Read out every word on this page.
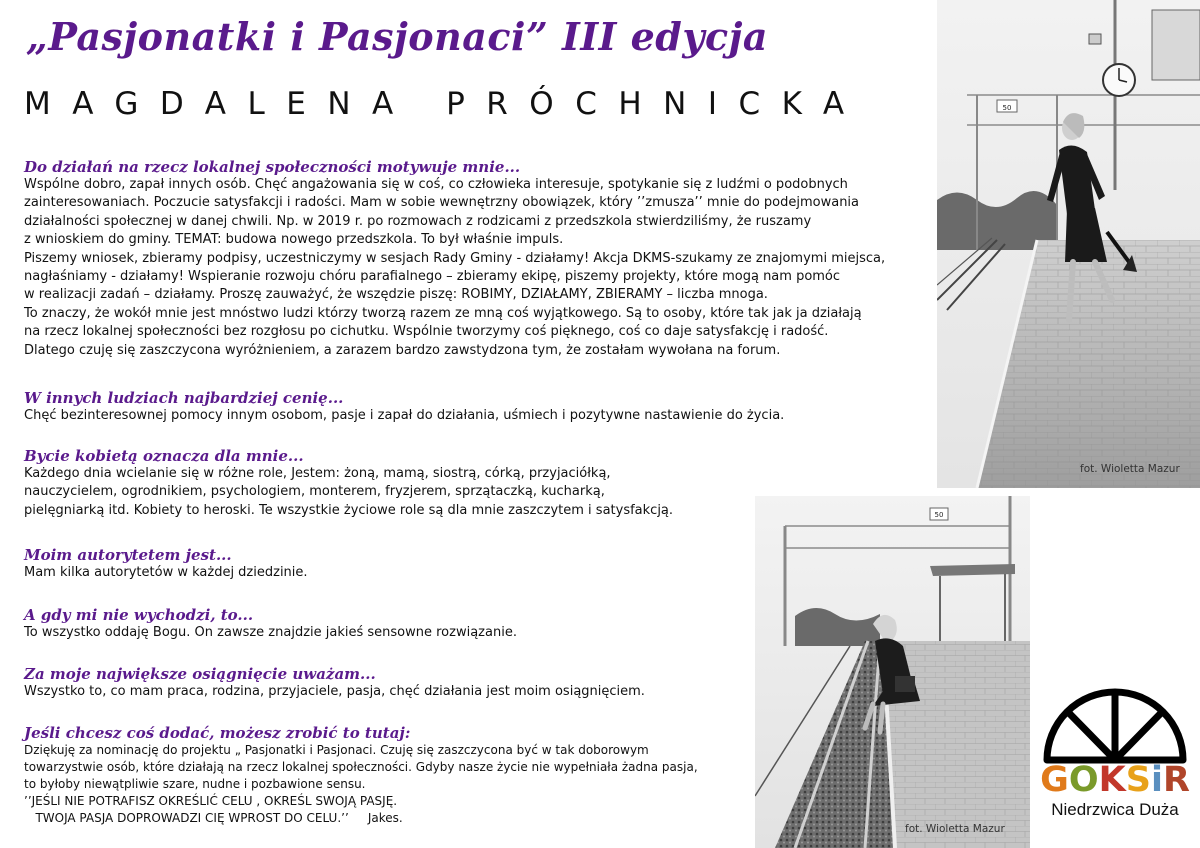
„Pasjonatki i Pasjonaci” III edycja
MAGDALENA PRÓCHNICKA
Do działań na rzecz lokalnej społeczności motywuje mnie...
Wspólne dobro, zapał innych osób. Chęć angażowania się w coś, co człowieka interesuje, spotykanie się z ludźmi o podobnych
zainteresowaniach. Poczucie satysfakcji i radości. Mam w sobie wewnętrzny obowiązek, który ’’zmusza’’ mnie do podejmowania
działalności społecznej w danej chwili. Np. w 2019 r. po rozmowach z rodzicami z przedszkola stwierdziliśmy, że ruszamy
z wnioskiem do gminy. TEMAT: budowa nowego przedszkola. To był właśnie impuls.
Piszemy wniosek, zbieramy podpisy, uczestniczymy w sesjach Rady Gminy - działamy! Akcja DKMS-szukamy ze znajomymi miejsca,
nagłaśniamy - działamy! Wspieranie rozwoju chóru parafialnego – zbieramy ekipę, piszemy projekty, które mogą nam pomóc
w realizacji zadań – działamy. Proszę zauważyć, że wszędzie piszę: ROBIMY, DZIAŁAMY, ZBIERAMY – liczba mnoga.
To znaczy, że wokół mnie jest mnóstwo ludzi którzy tworzą razem ze mną coś wyjątkowego. Są to osoby, które tak jak ja działają
na rzecz lokalnej społeczności bez rozgłosu po cichutku. Wspólnie tworzymy coś pięknego, coś co daje satysfakcję i radość.
Dlatego czuję się zaszczycona wyróżnieniem, a zarazem bardzo zawstydzona tym, że zostałam wywołana na forum.
W innych ludziach najbardziej cenię...
Chęć bezinteresownej pomocy innym osobom, pasje i zapał do działania, uśmiech i pozytywne nastawienie do życia.
Bycie kobietą oznacza dla mnie...
Każdego dnia wcielanie się w różne role, Jestem: żoną, mamą, siostrą, córką, przyjaciółką,
nauczycielem, ogrodnikiem, psychologiem, monterem, fryzjerem, sprzątaczką, kucharką,
pielęgniarką itd. Kobiety to heroski. Te wszystkie życiowe role są dla mnie zaszczytem i satysfakcją.
Moim autorytetem jest...
Mam kilka autorytetów w każdej dziedzinie.
A gdy mi nie wychodzi, to...
To wszystko oddaję Bogu. On zawsze znajdzie jakieś sensowne rozwiązanie.
Za moje największe osiągnięcie uważam...
Wszystko to, co mam praca, rodzina, przyjaciele, pasja, chęć działania jest moim osiągnięciem.
Jeśli chcesz coś dodać, możesz zrobić to tutaj:
Dziękuję za nominację do projektu „ Pasjonatki i Pasjonaci. Czuję się zaszczycona być w tak doborowym
towarzystwie osób, które działają na rzecz lokalnej społeczności. Gdyby nasze życie nie wypełniała żadna pasja,
to byłoby niewątpliwie szare, nudne i pozbawione sensu.
’’JEŚLI NIE POTRAFISZ OKREŚLIĆ CELU , OKREŚL SWOJĄ PASJĘ.
TWOJA PASJA DOPROWADZI CIĘ WPROST DO CELU.’’     Jakes.
50
fot. Wioletta Mazur
50
fot. Wioletta Mazur
G O K S i R
Niedrzwica Duża
